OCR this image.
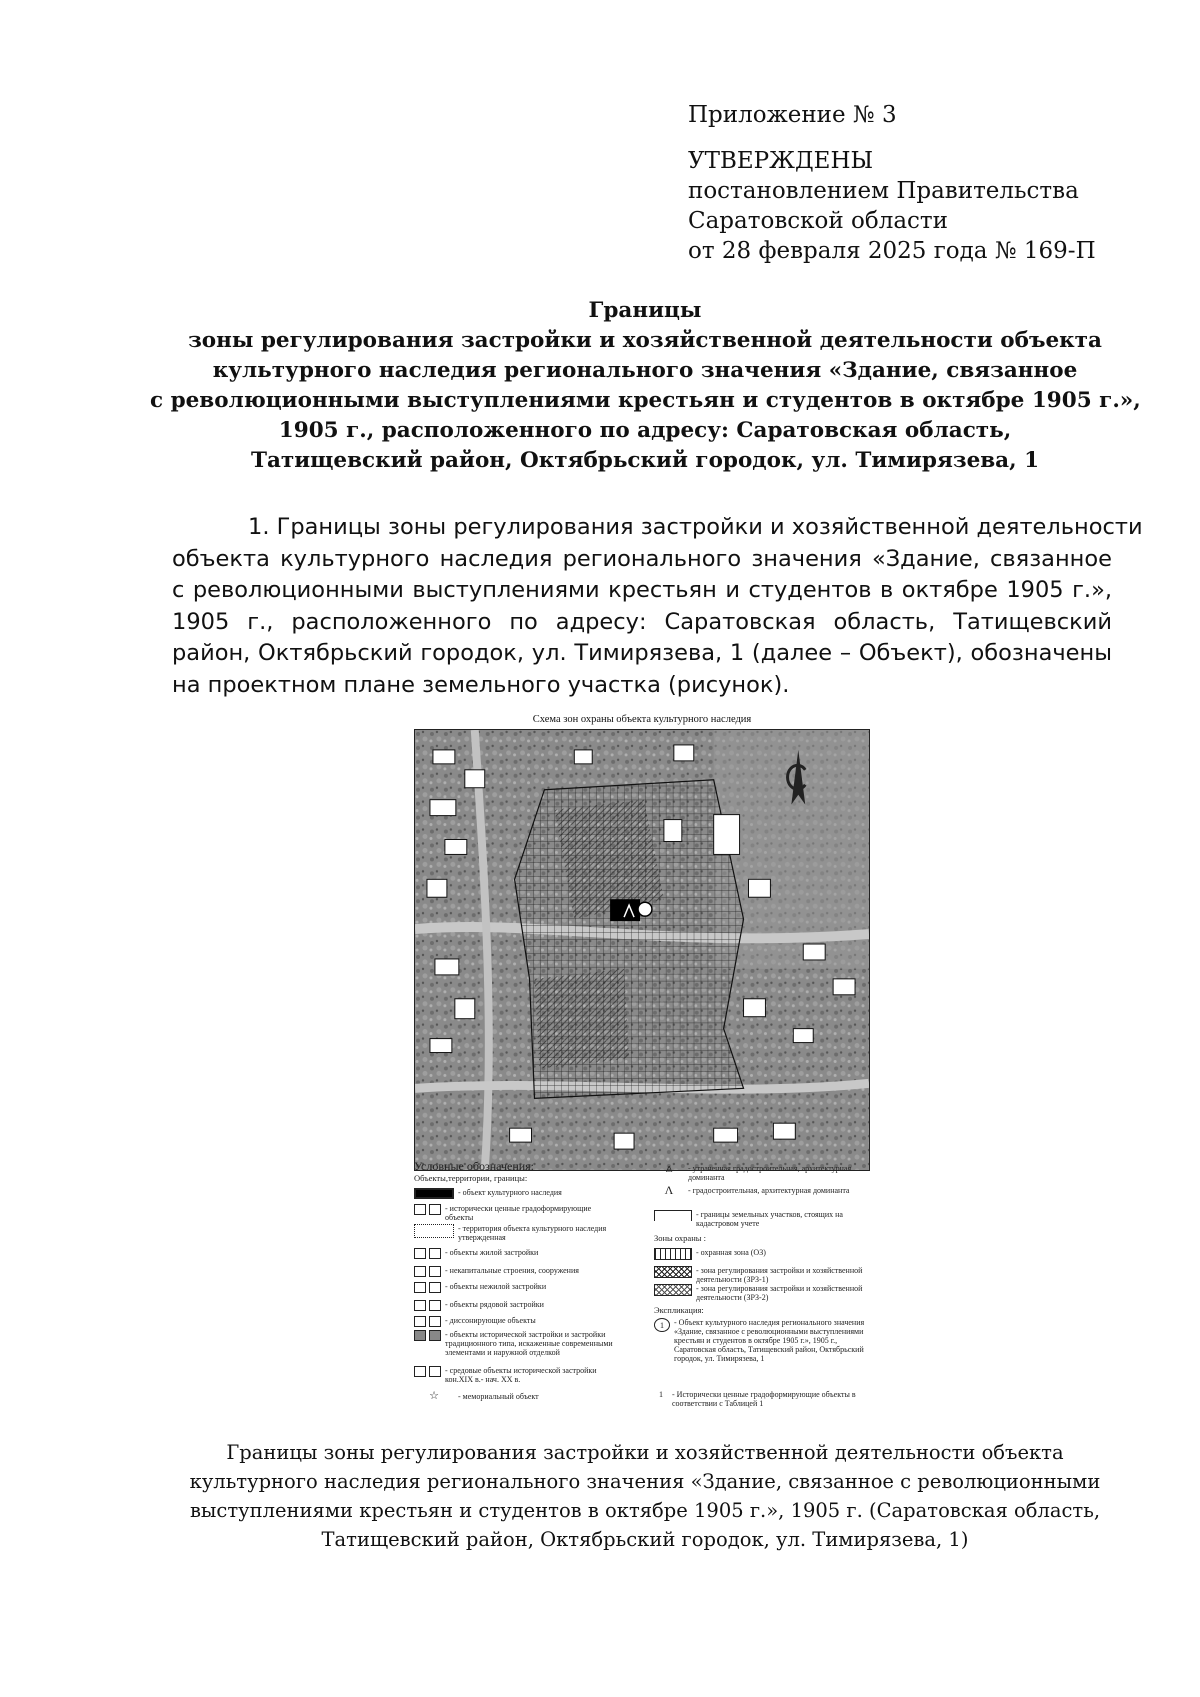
Приложение № 3
УТВЕРЖДЕНЫ
постановлением Правительства
Саратовской области
от 28 февраля 2025 года № 169-П
Границы
зоны регулирования застройки и хозяйственной деятельности объекта
культурного наследия регионального значения «Здание, связанное
с революционными выступлениями крестьян и студентов в октябре 1905 г.»,
1905 г., расположенного по адресу: Саратовская область,
Татищевский район, Октябрьский городок, ул. Тимирязева, 1
1. Границы зоны регулирования застройки и хозяйственной деятельности
объекта культурного наследия регионального значения «Здание, связанное
с революционными выступлениями крестьян и студентов в октябре 1905 г.»,
1905 г., расположенного по адресу: Саратовская область, Татищевский
район, Октябрьский городок, ул. Тимирязева, 1 (далее – Объект), обозначены
на проектном плане земельного участка (рисунок).
Схема зон охраны объекта культурного наследия
Условные обозначения:
Объекты,территории, границы:
- объект культурного наследия
- исторически ценные градоформирующие объекты
- территория объекта культурного наследия утвержденная
- объекты жилой застройки
- некапитальные строения, сооружения
- объекты нежилой застройки
- объекты рядовой застройки
- диссонирующие объекты
- объекты исторической застройки и застройки традиционного типа, искаженные современными элементами и наружной отделкой
- средовые объекты исторической застройки кон.XIX в.- нач. XX в.
☆	- мемориальный объект
⩓	- утраченная градостроительная, архитектурная доминанта
Λ	- градостроительная, архитектурная доминанта
- границы земельных участков, стоящих на кадастровом учете
Зоны охраны :
- охранная зона (ОЗ)
- зона регулирования застройки и хозяйственной деятельности (ЗРЗ-1)
- зона регулирования застройки и хозяйственной деятельности (ЗРЗ-2)
Экспликация:
1	- Объект культурного наследия регионального значения «Здание, связанное с революционными выступлениями крестьян и студентов в октябре 1905 г.», 1905 г., Саратовская область, Татищевский район, Октябрьский городок, ул. Тимирязева, 1
1	- Исторически ценные градоформирующие объекты в соответствии с Таблицей 1
Границы зоны регулирования застройки и хозяйственной деятельности объекта
культурного наследия регионального значения «Здание, связанное с революционными
выступлениями крестьян и студентов в октябре 1905 г.», 1905 г. (Саратовская область,
Татищевский район, Октябрьский городок, ул. Тимирязева, 1)
